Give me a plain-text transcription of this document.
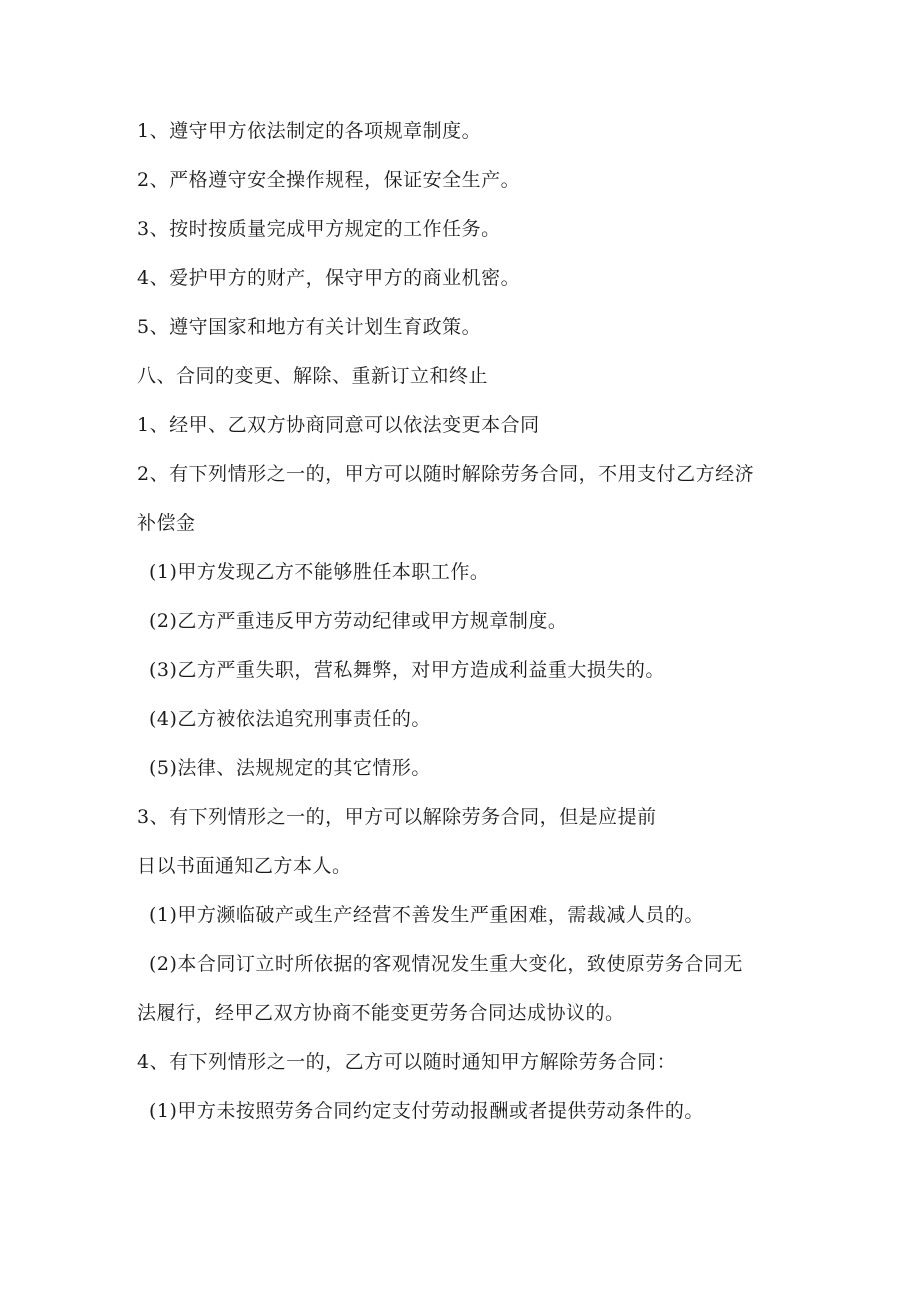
1、遵守甲方依法制定的各项规章制度。
2、严格遵守安全操作规程，保证安全生产。
3、按时按质量完成甲方规定的工作任务。
4、爱护甲方的财产，保守甲方的商业机密。
5、遵守国家和地方有关计划生育政策。
八、合同的变更、解除、重新订立和终止
1、经甲、乙双方协商同意可以依法变更本合同
2、有下列情形之一的，甲方可以随时解除劳务合同，不用支付乙方经济
补偿金
(1)甲方发现乙方不能够胜任本职工作。
(2)乙方严重违反甲方劳动纪律或甲方规章制度。
(3)乙方严重失职，营私舞弊，对甲方造成利益重大损失的。
(4)乙方被依法追究刑事责任的。
(5)法律、法规规定的其它情形。
3、有下列情形之一的，甲方可以解除劳务合同，但是应提前
日以书面通知乙方本人。
(1)甲方濒临破产或生产经营不善发生严重困难，需裁减人员的。
(2)本合同订立时所依据的客观情况发生重大变化，致使原劳务合同无
法履行，经甲乙双方协商不能变更劳务合同达成协议的。
4、有下列情形之一的，乙方可以随时通知甲方解除劳务合同：
(1)甲方未按照劳务合同约定支付劳动报酬或者提供劳动条件的。
